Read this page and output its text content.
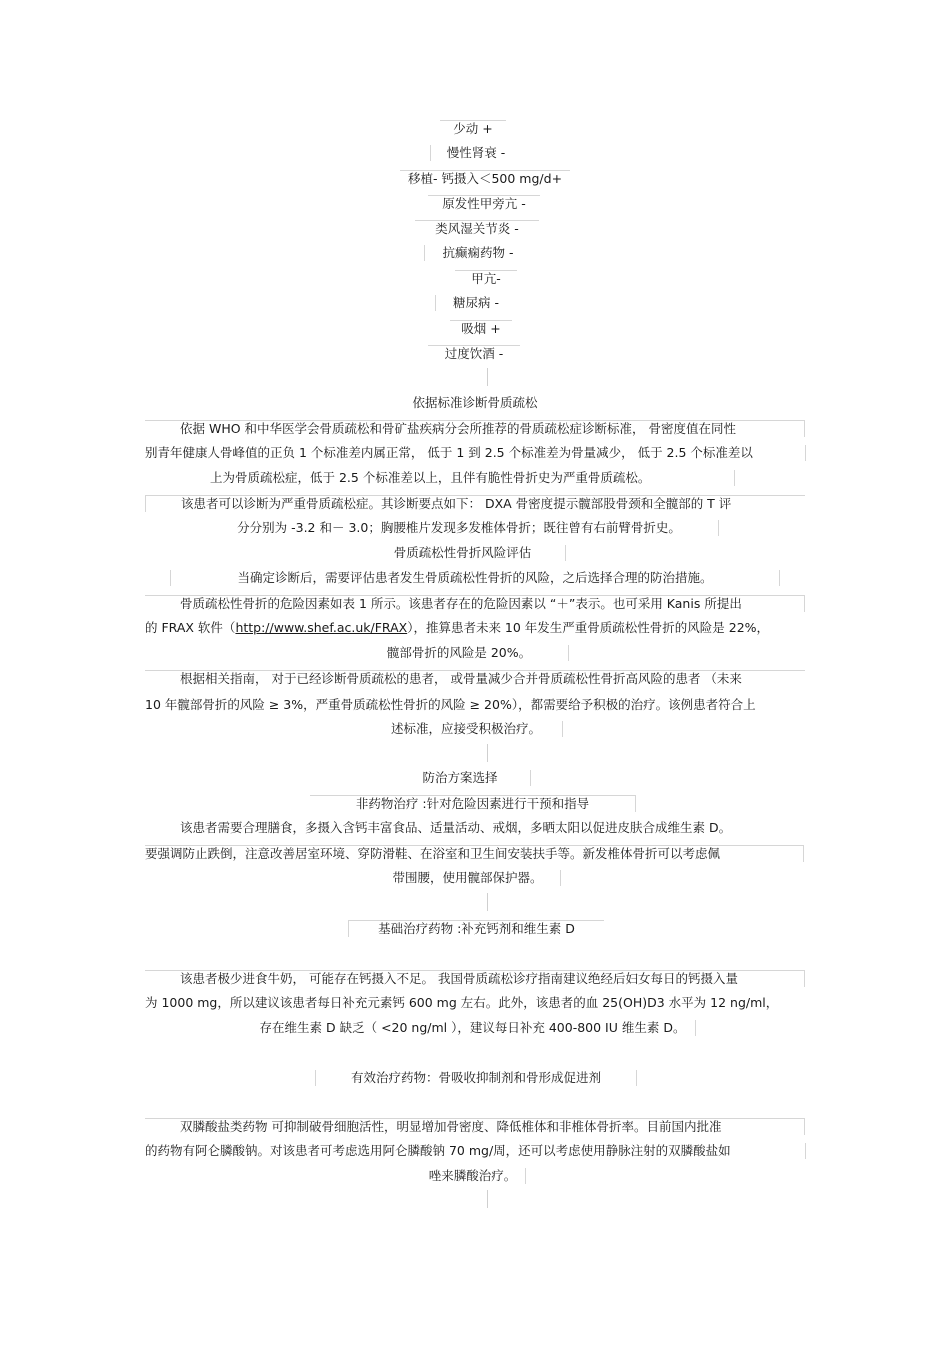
少动 +
慢性肾衰 -
移植- 钙摄入＜500 mg/d+
原发性甲旁亢 -
类风湿关节炎 -
抗癫痫药物 -
甲亢-
糖尿病 -
吸烟 +
过度饮酒 -
依据标准诊断骨质疏松
依据 WHO 和中华医学会骨质疏松和骨矿盐疾病分会所推荐的骨质疏松症诊断标准， 骨密度值在同性
别青年健康人骨峰值的正负 1 个标准差内属正常， 低于 1 到 2.5 个标准差为骨量减少， 低于 2.5 个标准差以
上为骨质疏松症，低于 2.5 个标准差以上，且伴有脆性骨折史为严重骨质疏松。
该患者可以诊断为严重骨质疏松症。其诊断要点如下： DXA 骨密度提示髋部股骨颈和全髋部的 T 评
分分别为 -3.2 和－ 3.0；胸腰椎片发现多发椎体骨折；既往曾有右前臂骨折史。
骨质疏松性骨折风险评估
当确定诊断后，需要评估患者发生骨质疏松性骨折的风险，之后选择合理的防治措施。
骨质疏松性骨折的危险因素如表 1 所示。该患者存在的危险因素以 “＋”表示。也可采用 Kanis 所提出
的 FRAX 软件（http://www.shef.ac.uk/FRAX），推算患者未来 10 年发生严重骨质疏松性骨折的风险是 22%，
髋部骨折的风险是 20%。
根据相关指南， 对于已经诊断骨质疏松的患者， 或骨量减少合并骨质疏松性骨折高风险的患者 （未来
10 年髋部骨折的风险 ≥ 3%，严重骨质疏松性骨折的风险 ≥ 20%），都需要给予积极的治疗。该例患者符合上
述标准，应接受积极治疗。
防治方案选择
非药物治疗 :针对危险因素进行干预和指导
该患者需要合理膳食，多摄入含钙丰富食品、适量活动、戒烟，多晒太阳以促进皮肤合成维生素 D。
要强调防止跌倒，注意改善居室环境、穿防滑鞋、在浴室和卫生间安装扶手等。新发椎体骨折可以考虑佩
带围腰，使用髋部保护器。
基础治疗药物 :补充钙剂和维生素 D
该患者极少进食牛奶， 可能存在钙摄入不足。 我国骨质疏松诊疗指南建议绝经后妇女每日的钙摄入量
为 1000 mg，所以建议该患者每日补充元素钙 600 mg 左右。此外，该患者的血 25(OH)D3 水平为 12 ng/ml，
存在维生素 D 缺乏（ <20 ng/ml ），建议每日补充 400-800 IU 维生素 D。
有效治疗药物：骨吸收抑制剂和骨形成促进剂
双膦酸盐类药物 可抑制破骨细胞活性，明显增加骨密度、降低椎体和非椎体骨折率。目前国内批准
的药物有阿仑膦酸钠。对该患者可考虑选用阿仑膦酸钠 70 mg/周，还可以考虑使用静脉注射的双膦酸盐如
唑来膦酸治疗。
